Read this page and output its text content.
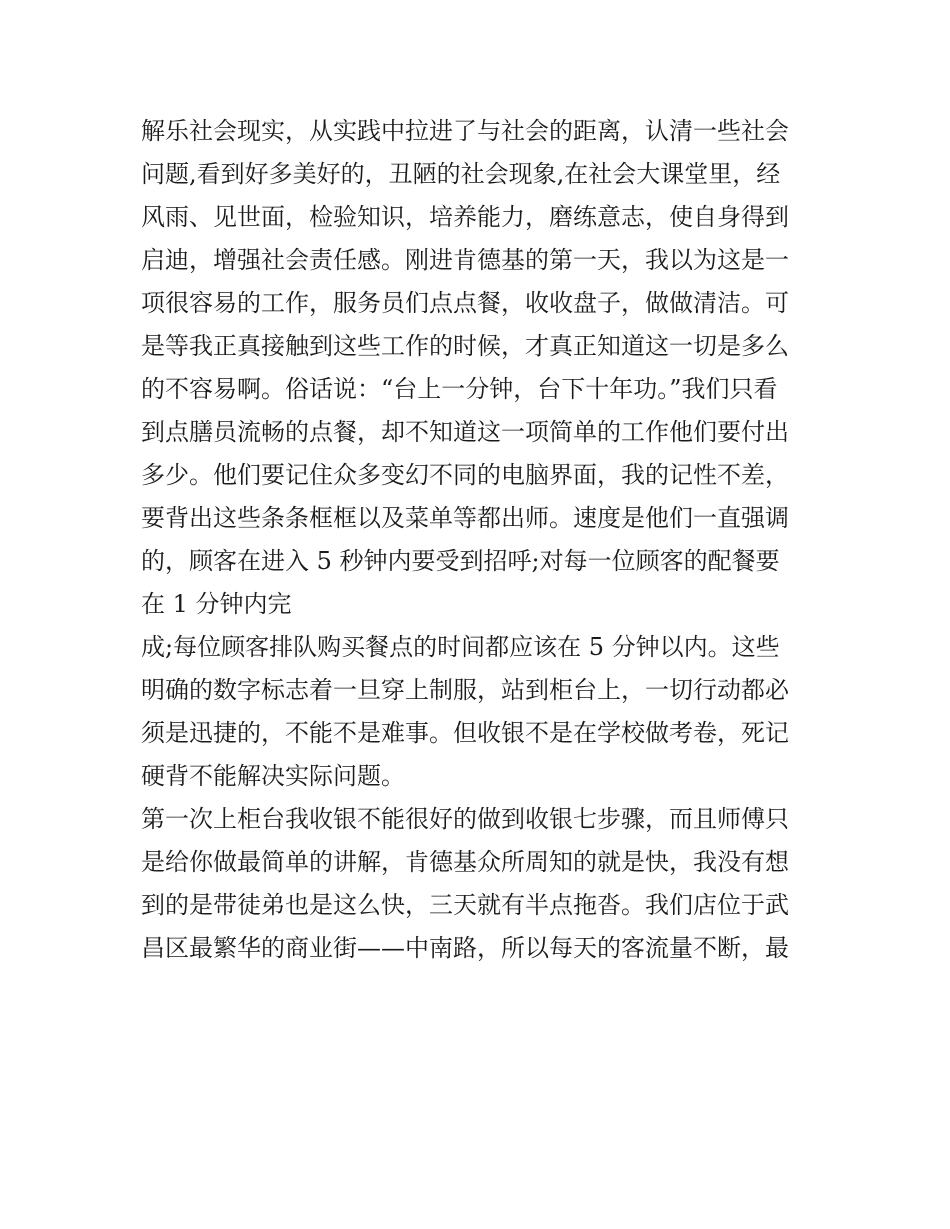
解乐社会现实，从实践中拉进了与社会的距离，认清一些社会
问题,看到好多美好的，丑陋的社会现象,在社会大课堂里，经
风雨、见世面，检验知识，培养能力，磨练意志，使自身得到
启迪，增强社会责任感。刚进肯德基的第一天，我以为这是一
项很容易的工作，服务员们点点餐，收收盘子，做做清洁。可
是等我正真接触到这些工作的时候，才真正知道这一切是多么
的不容易啊。俗话说：“台上一分钟，台下十年功。”我们只看
到点膳员流畅的点餐，却不知道这一项简单的工作他们要付出
多少。他们要记住众多变幻不同的电脑界面，我的记性不差，
要背出这些条条框框以及菜单等都出师。速度是他们一直强调
的，顾客在进入 5 秒钟内要受到招呼;对每一位顾客的配餐要
在 1 分钟内完
成;每位顾客排队购买餐点的时间都应该在 5 分钟以内。这些
明确的数字标志着一旦穿上制服，站到柜台上，一切行动都必
须是迅捷的，不能不是难事。但收银不是在学校做考卷，死记
硬背不能解决实际问题。
第一次上柜台我收银不能很好的做到收银七步骤，而且师傅只
是给你做最简单的讲解，肯德基众所周知的就是快，我没有想
到的是带徒弟也是这么快，三天就有半点拖沓。我们店位于武
昌区最繁华的商业街——中南路，所以每天的客流量不断，最
